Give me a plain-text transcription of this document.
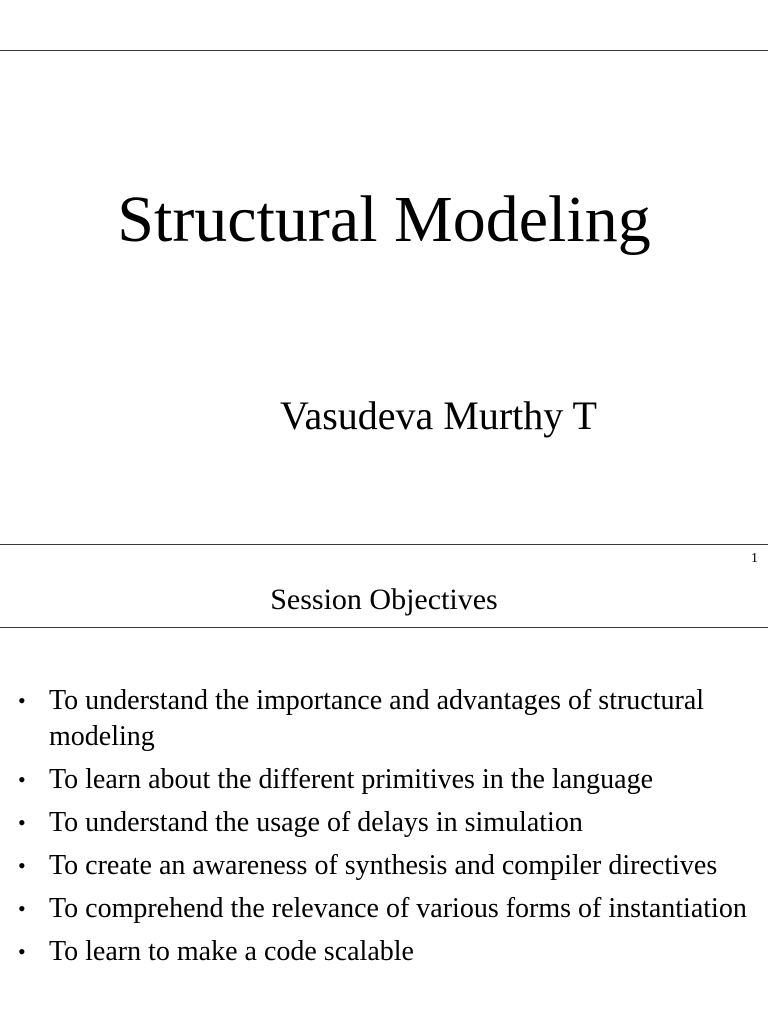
Structural Modeling
Vasudeva Murthy T
1
Session Objectives
• To understand the importance and advantages of structural modeling
• To learn about the different primitives in the language
• To understand the usage of delays in simulation
• To create an awareness of synthesis and compiler directives
• To comprehend the relevance of various forms of instantiation
• To learn to make a code scalable
